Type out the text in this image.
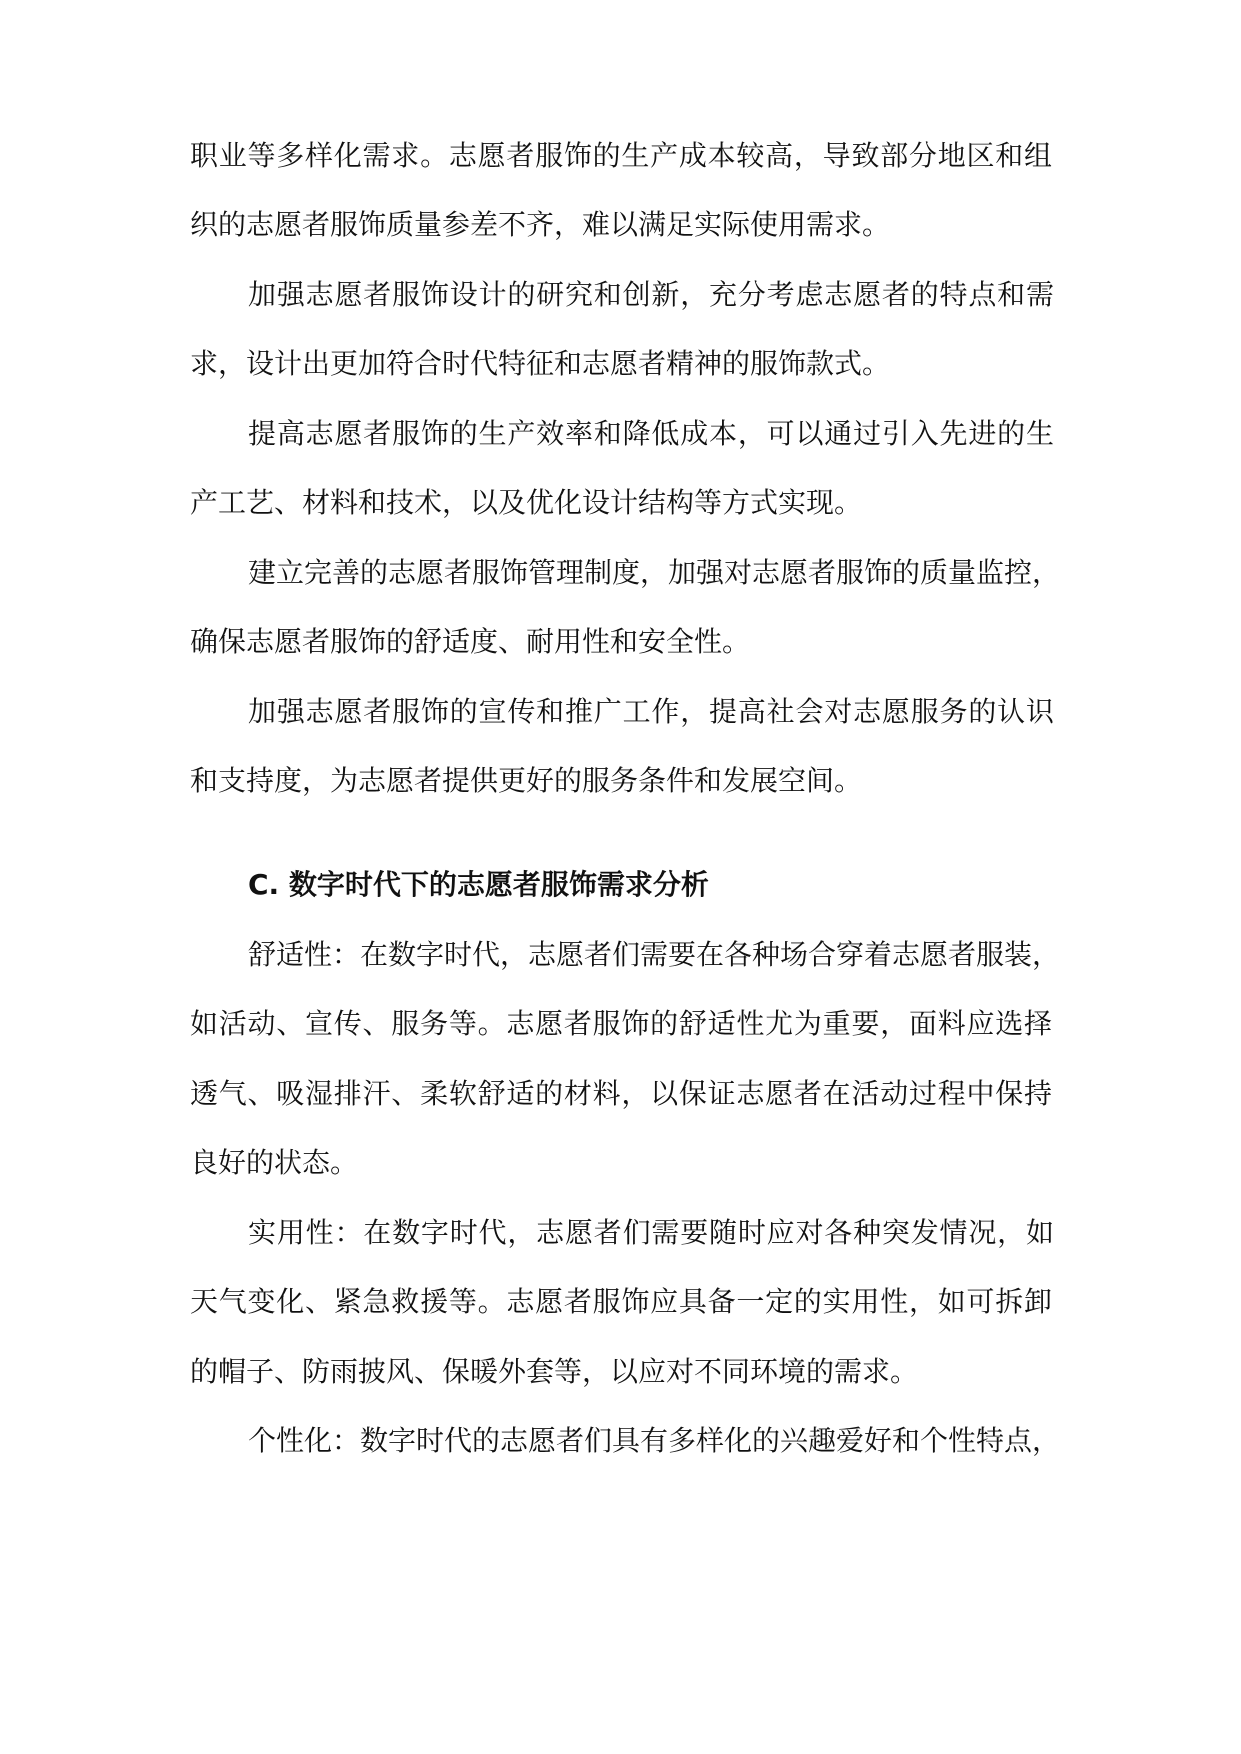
职业等多样化需求。志愿者服饰的生产成本较高，导致部分地区和组
织的志愿者服饰质量参差不齐，难以满足实际使用需求。
加强志愿者服饰设计的研究和创新，充分考虑志愿者的特点和需
求，设计出更加符合时代特征和志愿者精神的服饰款式。
提高志愿者服饰的生产效率和降低成本，可以通过引入先进的生
产工艺、材料和技术，以及优化设计结构等方式实现。
建立完善的志愿者服饰管理制度，加强对志愿者服饰的质量监控，
确保志愿者服饰的舒适度、耐用性和安全性。
加强志愿者服饰的宣传和推广工作，提高社会对志愿服务的认识
和支持度，为志愿者提供更好的服务条件和发展空间。
C. 数字时代下的志愿者服饰需求分析
舒适性：在数字时代，志愿者们需要在各种场合穿着志愿者服装，
如活动、宣传、服务等。志愿者服饰的舒适性尤为重要，面料应选择
透气、吸湿排汗、柔软舒适的材料，以保证志愿者在活动过程中保持
良好的状态。
实用性：在数字时代，志愿者们需要随时应对各种突发情况，如
天气变化、紧急救援等。志愿者服饰应具备一定的实用性，如可拆卸
的帽子、防雨披风、保暖外套等，以应对不同环境的需求。
个性化：数字时代的志愿者们具有多样化的兴趣爱好和个性特点，
